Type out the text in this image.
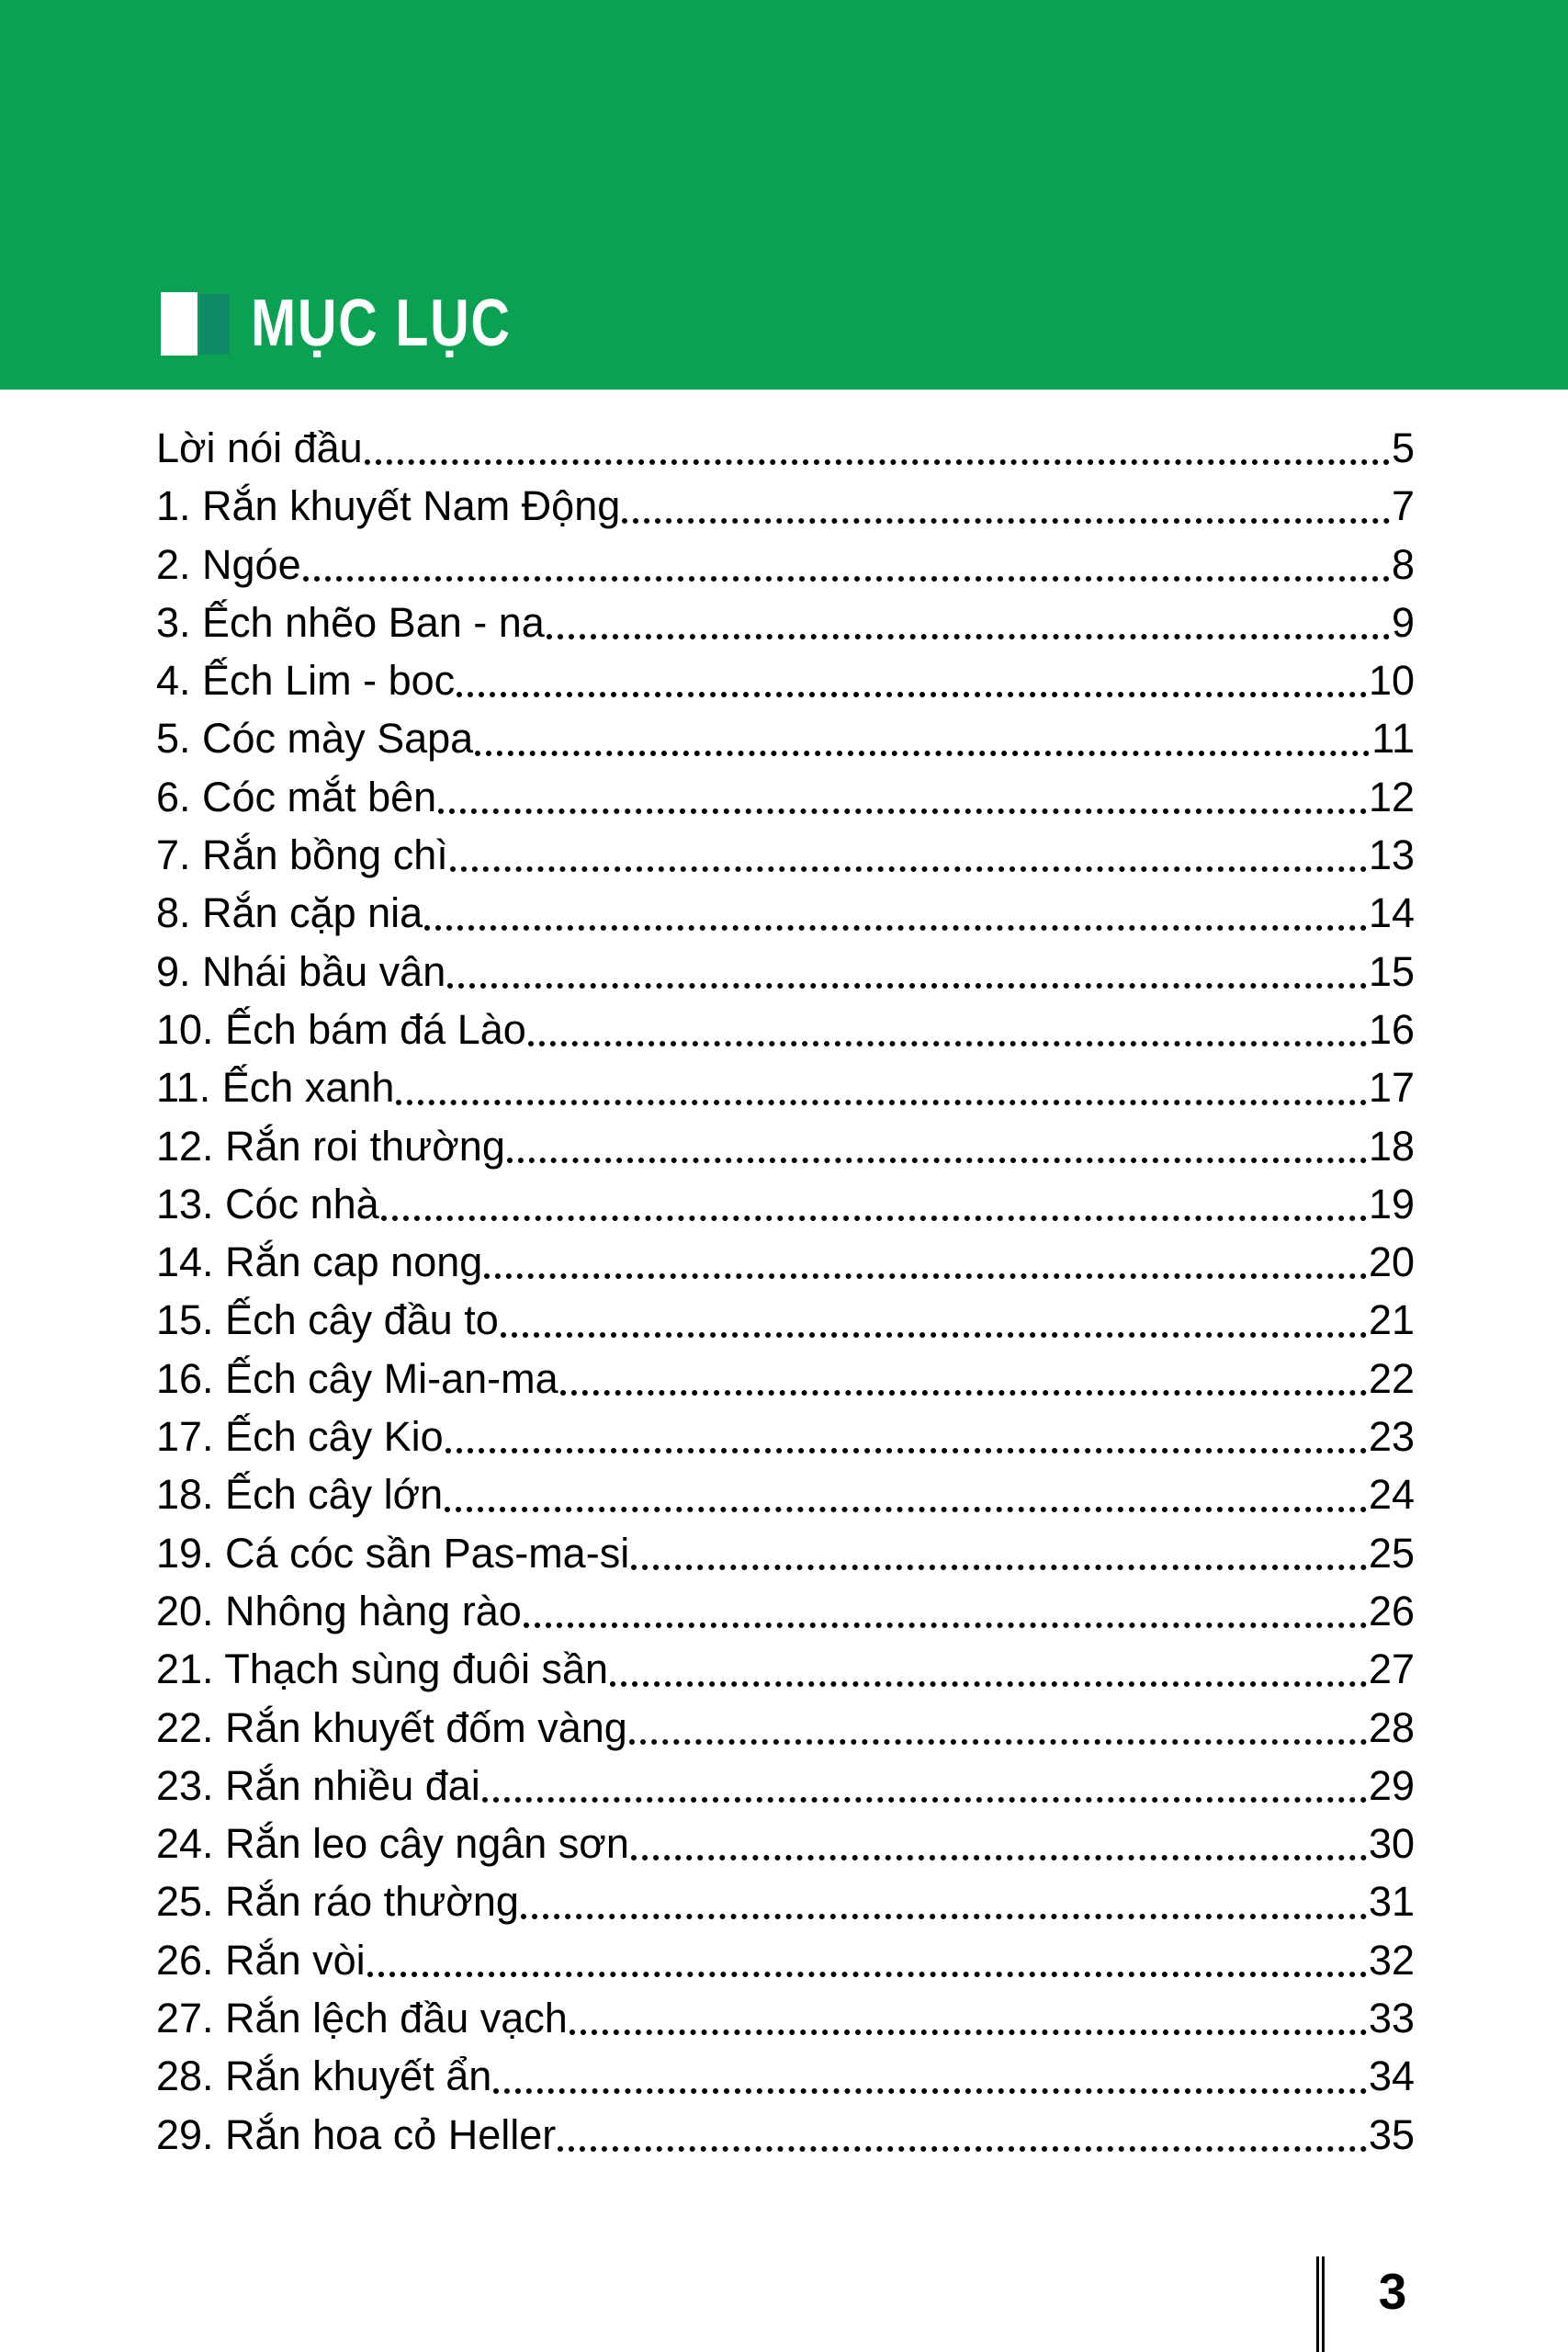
MỤC LỤC
Lời nói đầu	5
1. Rắn khuyết Nam Động	7
2. Ngóe	8
3. Ếch nhẽo Ban - na	9
4. Ếch Lim - boc	10
5. Cóc mày Sapa	11
6. Cóc mắt bên	12
7. Rắn bồng chì	13
8. Rắn cặp nia	14
9. Nhái bầu vân	15
10. Ếch bám đá Lào	16
11. Ếch xanh	17
12. Rắn roi thường	18
13. Cóc nhà	19
14. Rắn cap nong	20
15. Ếch cây đầu to	21
16. Ếch cây Mi-an-ma	22
17. Ếch cây Kio	23
18. Ếch cây lớn	24
19. Cá cóc sần Pas-ma-si	25
20. Nhông hàng rào	26
21. Thạch sùng đuôi sần	27
22. Rắn khuyết đốm vàng	28
23. Rắn nhiều đai	29
24. Rắn leo cây ngân sơn	30
25. Rắn ráo thường	31
26. Rắn vòi	32
27. Rắn lệch đầu vạch	33
28. Rắn khuyết ẩn	34
29. Rắn hoa cỏ Heller	35
3
